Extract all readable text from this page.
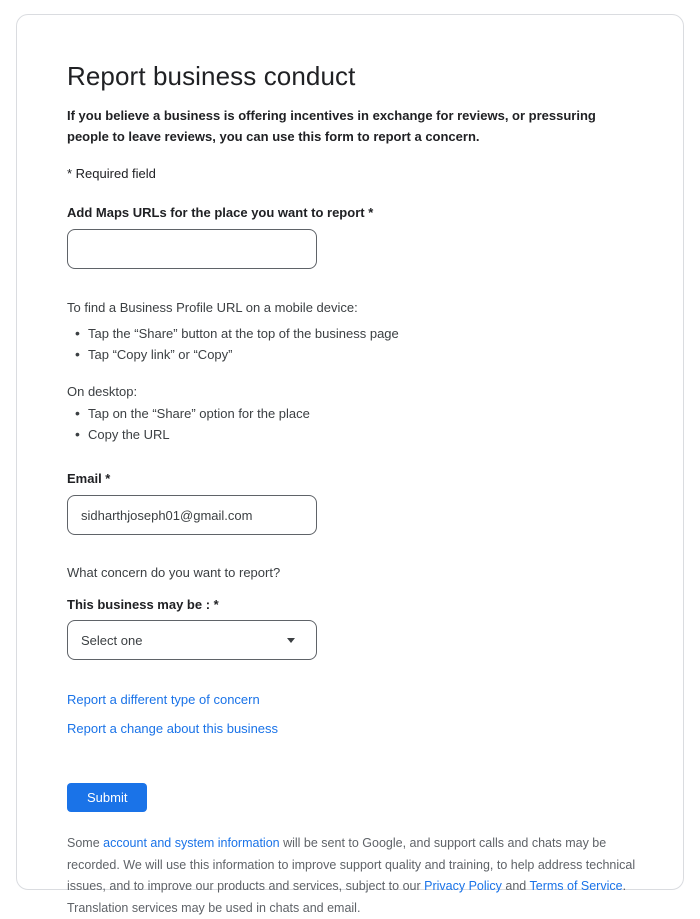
Report business conduct

If you believe a business is offering incentives in exchange for reviews, or pressuring people to leave reviews, you can use this form to report a concern.

* Required field

Add Maps URLs for the place you want to report *

To find a Business Profile URL on a mobile device:

• Tap the “Share” button at the top of the business page
• Tap “Copy link” or “Copy”

On desktop:

• Tap on the “Share” option for the place
• Copy the URL
Email *
sidharthjoseph01@gmail.com

What concern do you want to report?

This business may be : *
Select one
Report a different type of concern
Report a change about this business
Submit

Some account and system information will be sent to Google, and support calls and chats may be recorded. We will use this information to improve support quality and training, to help address technical issues, and to improve our products and services, subject to our Privacy Policy and Terms of Service. Translation services may be used in chats and email.
